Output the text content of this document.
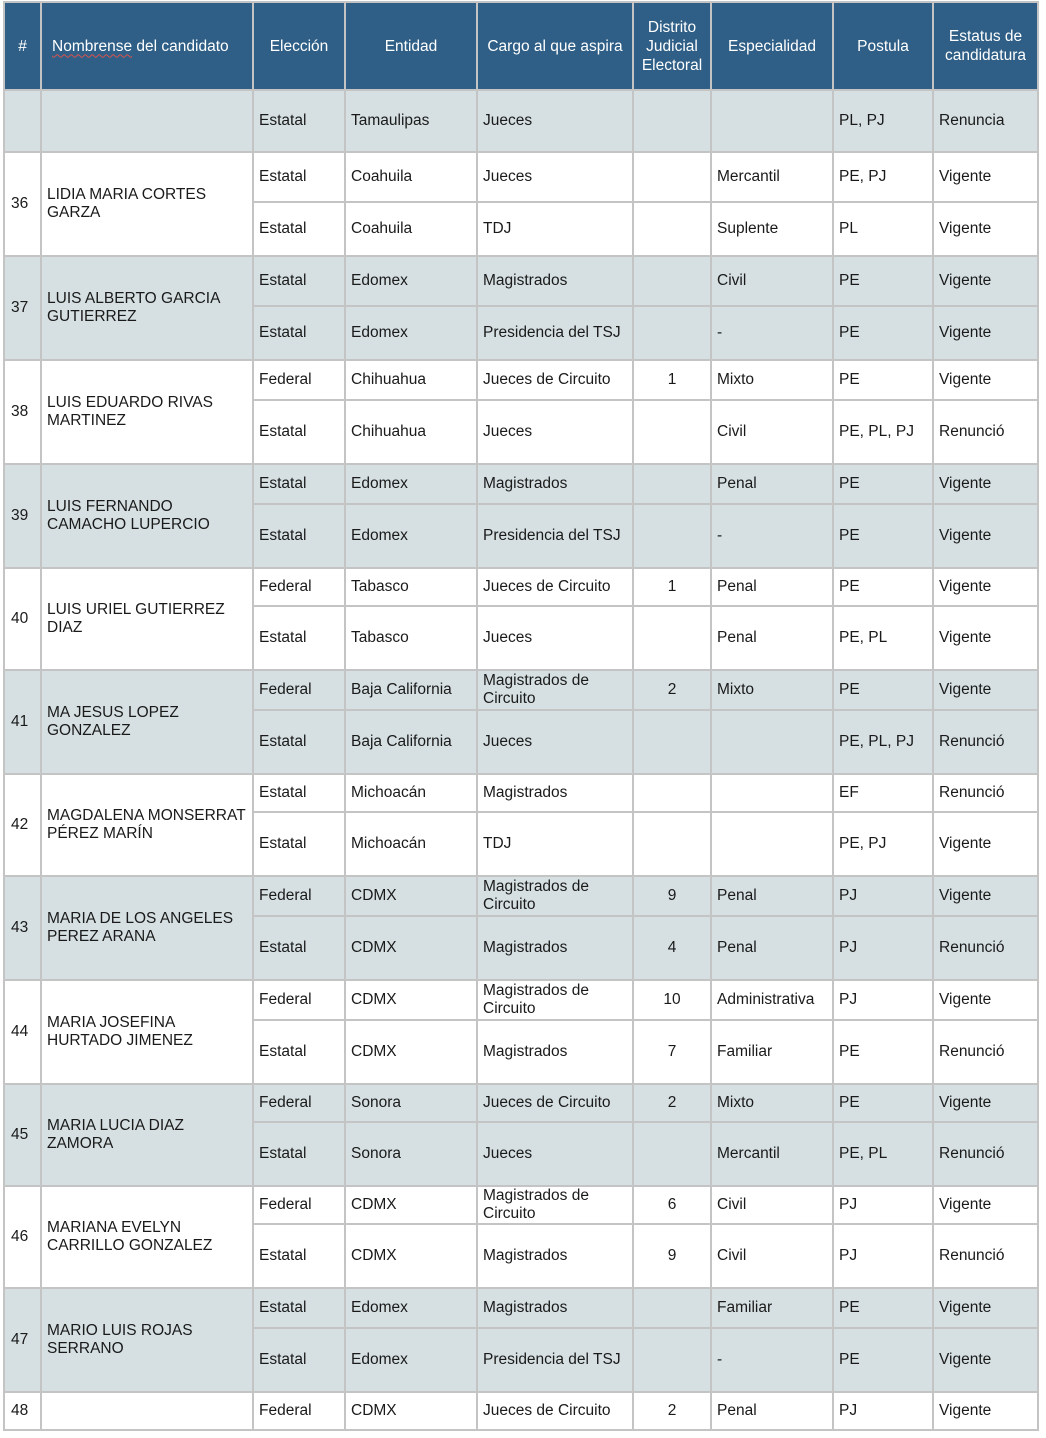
#	Nombrense del candidato	Elección	Entidad	Cargo al que aspira	Distrito Judicial Electoral	Especialidad	Postula	Estatus de candidatura
		Estatal	Tamaulipas	Jueces			PL, PJ	Renuncia
36	LIDIA MARIA CORTES GARZA	Estatal	Coahuila	Jueces		Mercantil	PE, PJ	Vigente
		Estatal	Coahuila	TDJ		Suplente	PL	Vigente
37	LUIS ALBERTO GARCIA GUTIERREZ	Estatal	Edomex	Magistrados		Civil	PE	Vigente
		Estatal	Edomex	Presidencia del TSJ		-	PE	Vigente
38	LUIS EDUARDO RIVAS MARTINEZ	Federal	Chihuahua	Jueces de Circuito	1	Mixto	PE	Vigente
		Estatal	Chihuahua	Jueces		Civil	PE, PL, PJ	Renunció
39	LUIS FERNANDO CAMACHO LUPERCIO	Estatal	Edomex	Magistrados		Penal	PE	Vigente
		Estatal	Edomex	Presidencia del TSJ		-	PE	Vigente
40	LUIS URIEL GUTIERREZ DIAZ	Federal	Tabasco	Jueces de Circuito	1	Penal	PE	Vigente
		Estatal	Tabasco	Jueces		Penal	PE, PL	Vigente
41	MA JESUS LOPEZ GONZALEZ	Federal	Baja California	Magistrados de Circuito	2	Mixto	PE	Vigente
		Estatal	Baja California	Jueces			PE, PL, PJ	Renunció
42	MAGDALENA MONSERRAT PÉREZ MARÍN	Estatal	Michoacán	Magistrados			EF	Renunció
		Estatal	Michoacán	TDJ			PE, PJ	Vigente
43	MARIA DE LOS ANGELES PEREZ ARANA	Federal	CDMX	Magistrados de Circuito	9	Penal	PJ	Vigente
		Estatal	CDMX	Magistrados	4	Penal	PJ	Renunció
44	MARIA JOSEFINA HURTADO JIMENEZ	Federal	CDMX	Magistrados de Circuito	10	Administrativa	PJ	Vigente
		Estatal	CDMX	Magistrados	7	Familiar	PE	Renunció
45	MARIA LUCIA DIAZ ZAMORA	Federal	Sonora	Jueces de Circuito	2	Mixto	PE	Vigente
		Estatal	Sonora	Jueces		Mercantil	PE, PL	Renunció
46	MARIANA EVELYN CARRILLO GONZALEZ	Federal	CDMX	Magistrados de Circuito	6	Civil	PJ	Vigente
		Estatal	CDMX	Magistrados	9	Civil	PJ	Renunció
47	MARIO LUIS ROJAS SERRANO	Estatal	Edomex	Magistrados		Familiar	PE	Vigente
		Estatal	Edomex	Presidencia del TSJ		-	PE	Vigente
48		Federal	CDMX	Jueces de Circuito	2	Penal	PJ	Vigente
